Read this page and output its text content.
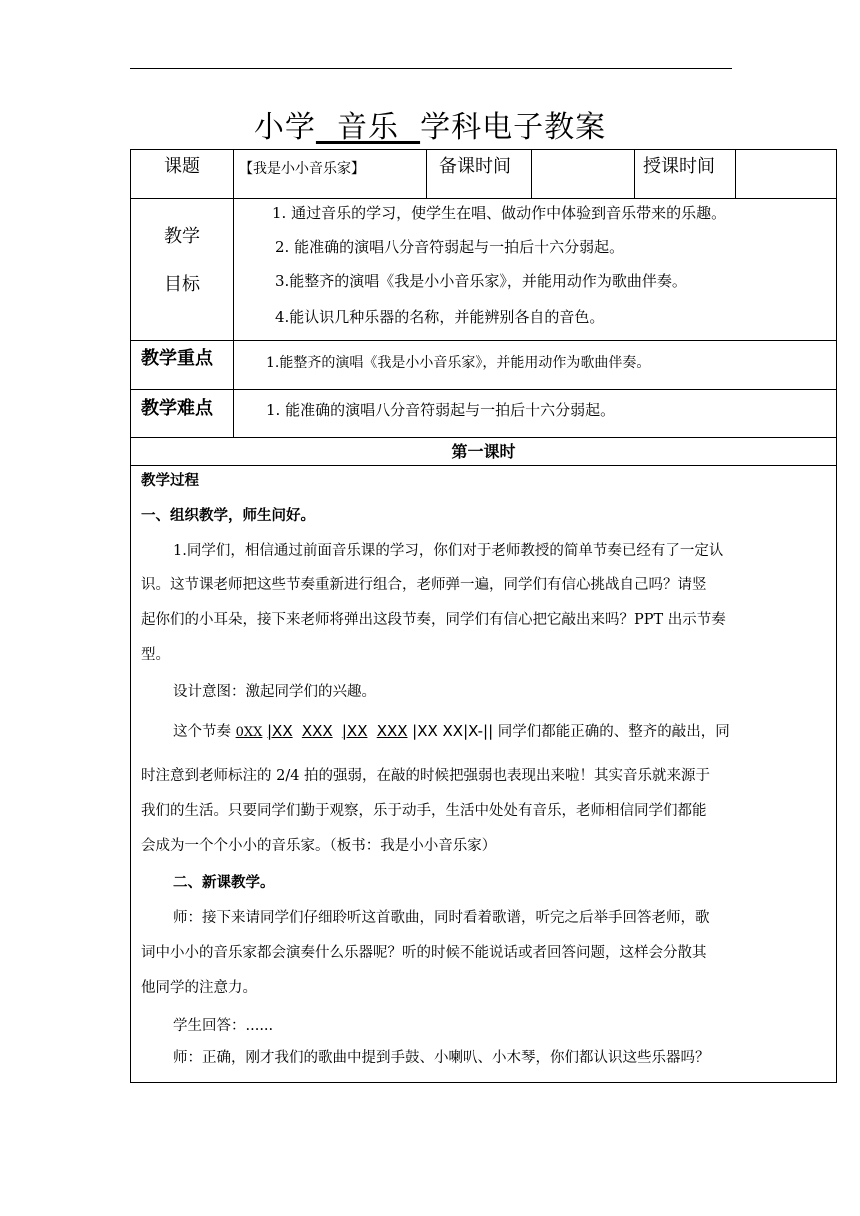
小学  音乐  学科电子教案
课题	【我是小小音乐家】	备课时间	授课时间
教学
目标
1. 通过音乐的学习，使学生在唱、做动作中体验到音乐带来的乐趣。
2. 能准确的演唱八分音符弱起与一拍后十六分弱起。
3.能整齐的演唱《我是小小音乐家》，并能用动作为歌曲伴奏。
4.能认识几种乐器的名称，并能辨别各自的音色。
教学重点	1.能整齐的演唱《我是小小音乐家》，并能用动作为歌曲伴奏。
教学难点	1. 能准确的演唱八分音符弱起与一拍后十六分弱起。
第一课时
教学过程
一、组织教学，师生问好。
1.同学们，相信通过前面音乐课的学习，你们对于老师教授的简单节奏已经有了一定认
识。这节课老师把这些节奏重新进行组合，老师弹一遍，同学们有信心挑战自己吗？请竖
起你们的小耳朵，接下来老师将弹出这段节奏，同学们有信心把它敲出来吗？PPT 出示节奏
型。
设计意图：激起同学们的兴趣。
这个节奏 0XX |XX XXX |XX XXX |XX XX|X-|| 同学们都能正确的、整齐的敲出，同
时注意到老师标注的 2/4 拍的强弱，在敲的时候把强弱也表现出来啦！其实音乐就来源于
我们的生活。只要同学们勤于观察，乐于动手，生活中处处有音乐，老师相信同学们都能
会成为一个个小小的音乐家。（板书：我是小小音乐家）
二、新课教学。
师：接下来请同学们仔细聆听这首歌曲，同时看着歌谱，听完之后举手回答老师，歌
词中小小的音乐家都会演奏什么乐器呢？听的时候不能说话或者回答问题，这样会分散其
他同学的注意力。
学生回答：......
师：正确，刚才我们的歌曲中提到手鼓、小喇叭、小木琴，你们都认识这些乐器吗？
